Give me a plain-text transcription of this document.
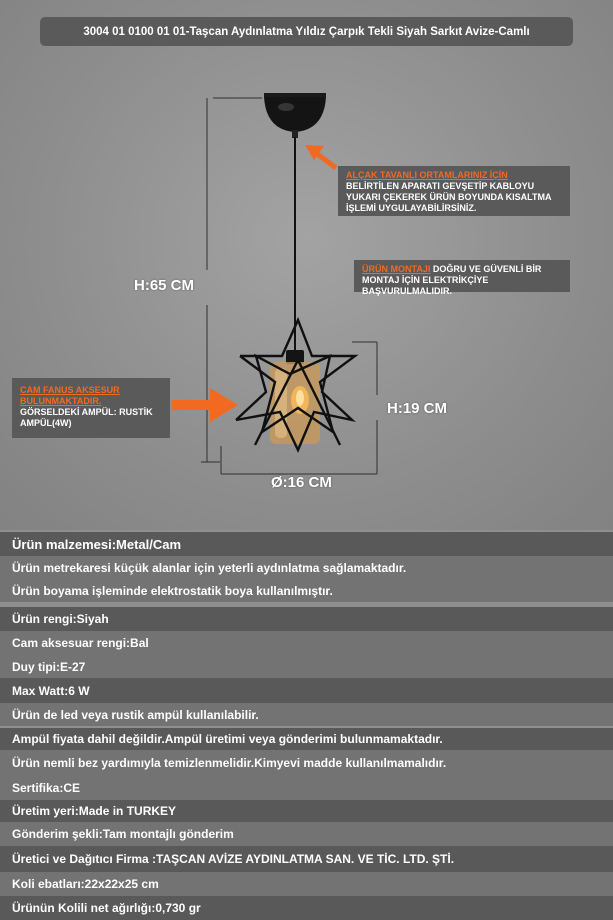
3004 01 0100 01 01-Taşcan Aydınlatma Yıldız Çarpık Tekli Siyah Sarkıt Avize-Camlı
H:65 CM
H:19 CM
Ø:16 CM
ALÇAK TAVANLI ORTAMLARINIZ İÇİN
BELİRTİLEN APARATI GEVŞETİP KABLOYU YUKARI ÇEKEREK ÜRÜN BOYUNDA KISALTMA İŞLEMİ UYGULAYABİLİRSİNİZ.
ÜRÜN MONTAJI DOĞRU VE GÜVENLİ BİR MONTAJ İÇİN ELEKTRİKÇİYE BAŞVURULMALIDIR.
CAM FANUS AKSESUR BULUNMAKTADIR.
GÖRSELDEKİ AMPÜL: RUSTİK AMPÜL(4W)
Ürün malzemesi:Metal/Cam
Ürün metrekaresi küçük alanlar için yeterli aydınlatma sağlamaktadır.
Ürün boyama işleminde elektrostatik boya kullanılmıştır.
Ürün rengi:Siyah
Cam aksesuar rengi:Bal
Duy tipi:E-27
Max Watt:6 W
Ürün de led veya rustik ampül kullanılabilir.
Ampül fiyata dahil değildir.Ampül üretimi veya gönderimi bulunmamaktadır.
Ürün nemli bez yardımıyla temizlenmelidir.Kimyevi madde kullanılmamalıdır.
Sertifika:CE
Üretim yeri:Made in TURKEY
Gönderim şekli:Tam montajlı gönderim
Üretici ve Dağıtıcı Firma :TAŞCAN AVİZE AYDINLATMA SAN. VE TİC. LTD. ŞTİ.
Koli ebatları:22x22x25 cm
Ürünün Kolili net ağırlığı:0,730 gr
